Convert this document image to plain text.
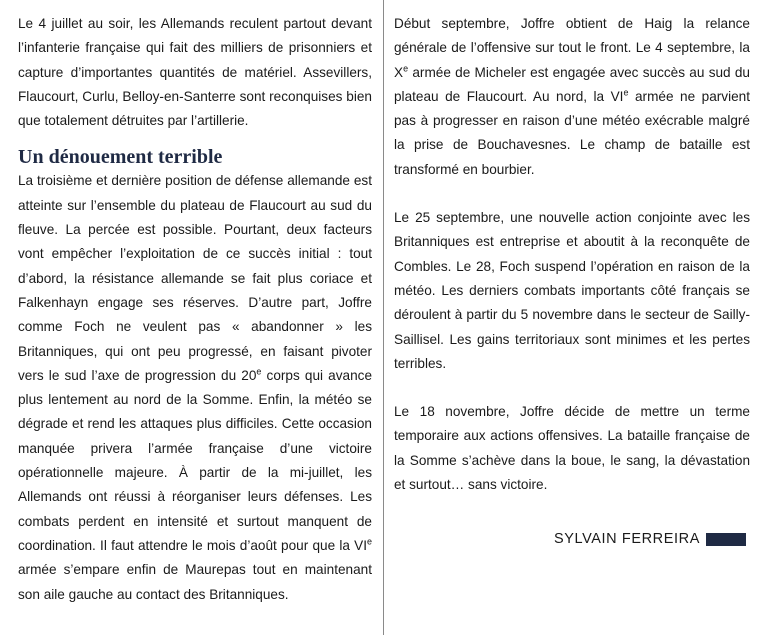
Le 4 juillet au soir, les Allemands reculent partout devant l’infanterie française qui fait des milliers de prisonniers et capture d’importantes quantités de matériel. Assevillers, Flaucourt, Curlu, Belloy-en-Santerre sont reconquises bien que totalement détruites par l’artillerie.

Un dénouement terrible

La troisième et dernière position de défense allemande est atteinte sur l’ensemble du plateau de Flaucourt au sud du fleuve. La percée est possible. Pourtant, deux facteurs vont empêcher l’exploitation de ce succès initial : tout d’abord, la résistance allemande se fait plus coriace et Falkenhayn engage ses réserves. D’autre part, Joffre comme Foch ne veulent pas « abandonner » les Britanniques, qui ont peu progressé, en faisant pivoter vers le sud l’axe de progression du 20e corps qui avance plus lentement au nord de la Somme. Enfin, la météo se dégrade et rend les attaques plus difficiles. Cette occasion manquée privera l’armée française d’une victoire opérationnelle majeure. À partir de la mi-juillet, les Allemands ont réussi à réorganiser leurs défenses. Les combats perdent en intensité et surtout manquent de coordination. Il faut attendre le mois d’août pour que la VIe armée s’empare enfin de Maurepas tout en maintenant son aile gauche au contact des Britanniques.

Début septembre, Joffre obtient de Haig la relance générale de l’offensive sur tout le front. Le 4 septembre, la Xe armée de Micheler est engagée avec succès au sud du plateau de Flaucourt. Au nord, la VIe armée ne parvient pas à progresser en raison d’une météo exécrable malgré la prise de Bouchavesnes. Le champ de bataille est transformé en bourbier.

Le 25 septembre, une nouvelle action conjointe avec les Britanniques est entreprise et aboutit à la reconquête de Combles. Le 28, Foch suspend l’opération en raison de la météo. Les derniers combats importants côté français se déroulent à partir du 5 novembre dans le secteur de Sailly-Saillisel. Les gains territoriaux sont minimes et les pertes terribles.

Le 18 novembre, Joffre décide de mettre un terme temporaire aux actions offensives. La bataille française de la Somme s’achève dans la boue, le sang, la dévastation et surtout… sans victoire.

SYLVAIN FERREIRA
